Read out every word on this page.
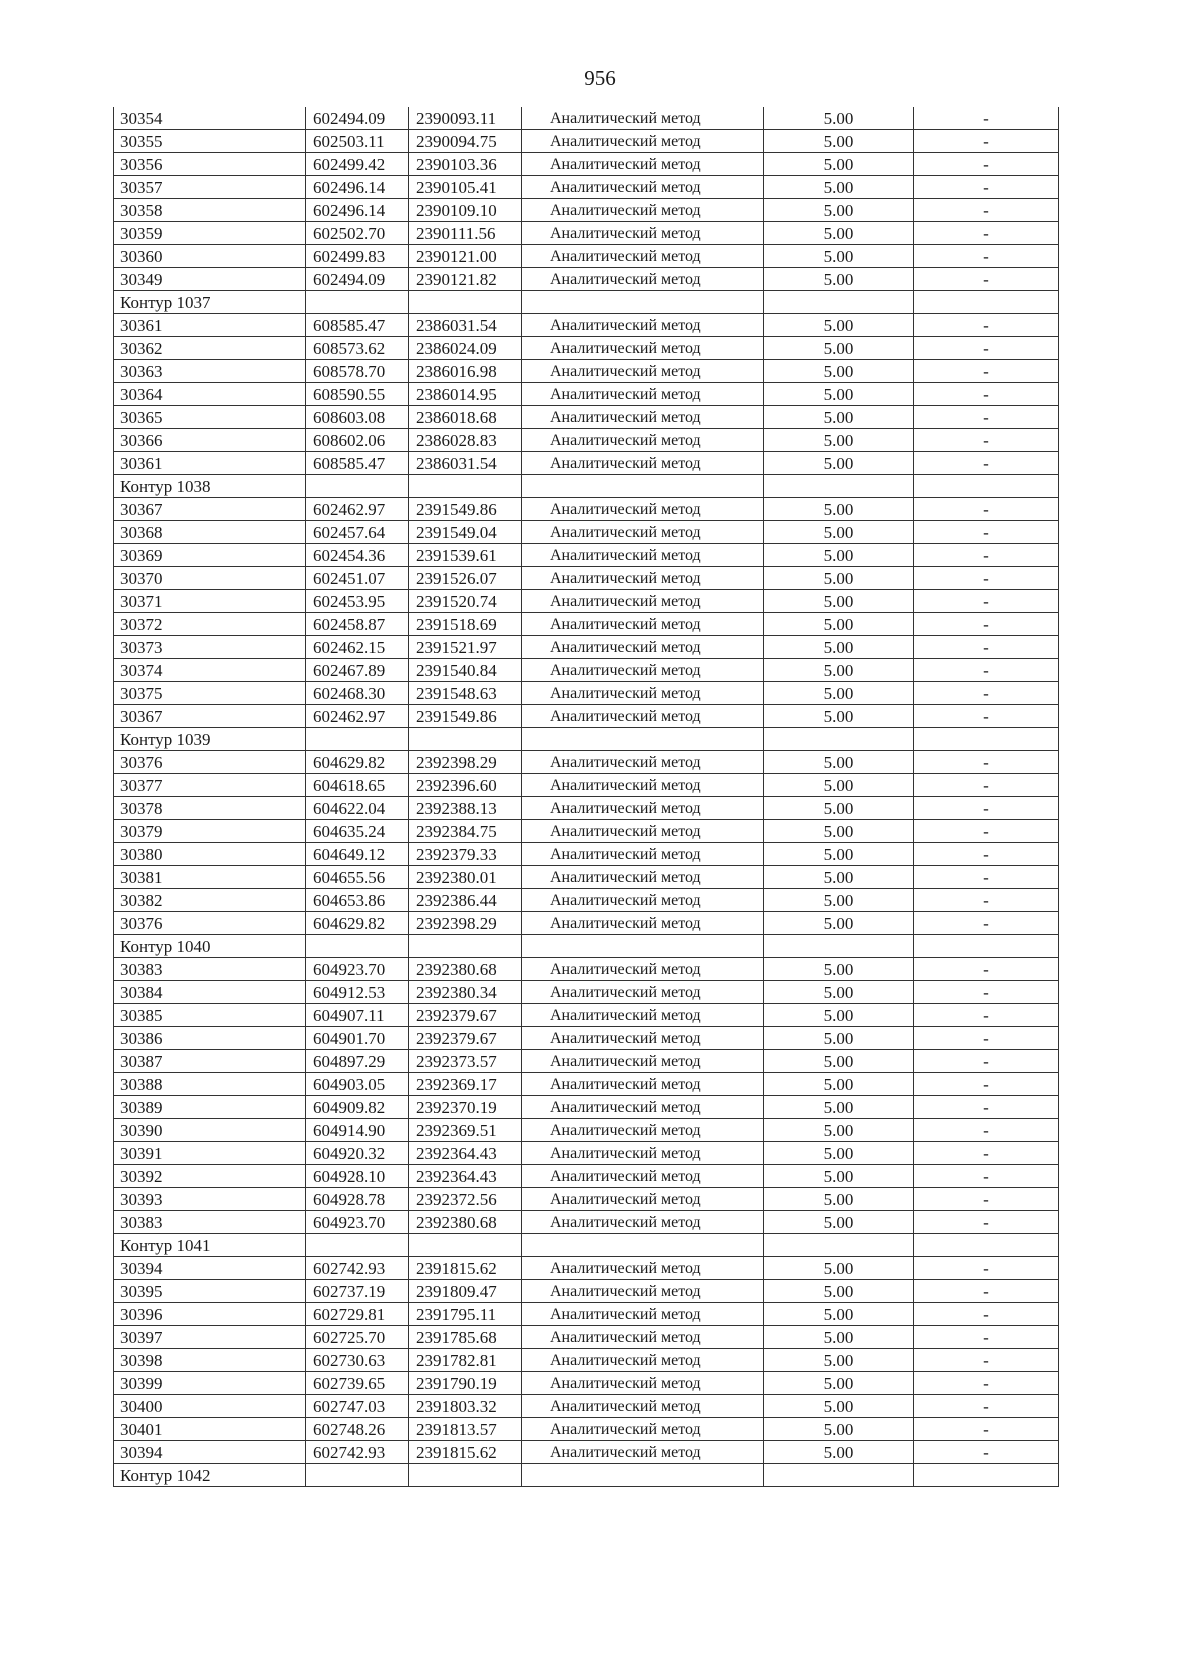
956
30354	602494.09	2390093.11	Аналитический метод	5.00	-
30355	602503.11	2390094.75	Аналитический метод	5.00	-
30356	602499.42	2390103.36	Аналитический метод	5.00	-
30357	602496.14	2390105.41	Аналитический метод	5.00	-
30358	602496.14	2390109.10	Аналитический метод	5.00	-
30359	602502.70	2390111.56	Аналитический метод	5.00	-
30360	602499.83	2390121.00	Аналитический метод	5.00	-
30349	602494.09	2390121.82	Аналитический метод	5.00	-
Контур 1037					
30361	608585.47	2386031.54	Аналитический метод	5.00	-
30362	608573.62	2386024.09	Аналитический метод	5.00	-
30363	608578.70	2386016.98	Аналитический метод	5.00	-
30364	608590.55	2386014.95	Аналитический метод	5.00	-
30365	608603.08	2386018.68	Аналитический метод	5.00	-
30366	608602.06	2386028.83	Аналитический метод	5.00	-
30361	608585.47	2386031.54	Аналитический метод	5.00	-
Контур 1038					
30367	602462.97	2391549.86	Аналитический метод	5.00	-
30368	602457.64	2391549.04	Аналитический метод	5.00	-
30369	602454.36	2391539.61	Аналитический метод	5.00	-
30370	602451.07	2391526.07	Аналитический метод	5.00	-
30371	602453.95	2391520.74	Аналитический метод	5.00	-
30372	602458.87	2391518.69	Аналитический метод	5.00	-
30373	602462.15	2391521.97	Аналитический метод	5.00	-
30374	602467.89	2391540.84	Аналитический метод	5.00	-
30375	602468.30	2391548.63	Аналитический метод	5.00	-
30367	602462.97	2391549.86	Аналитический метод	5.00	-
Контур 1039					
30376	604629.82	2392398.29	Аналитический метод	5.00	-
30377	604618.65	2392396.60	Аналитический метод	5.00	-
30378	604622.04	2392388.13	Аналитический метод	5.00	-
30379	604635.24	2392384.75	Аналитический метод	5.00	-
30380	604649.12	2392379.33	Аналитический метод	5.00	-
30381	604655.56	2392380.01	Аналитический метод	5.00	-
30382	604653.86	2392386.44	Аналитический метод	5.00	-
30376	604629.82	2392398.29	Аналитический метод	5.00	-
Контур 1040					
30383	604923.70	2392380.68	Аналитический метод	5.00	-
30384	604912.53	2392380.34	Аналитический метод	5.00	-
30385	604907.11	2392379.67	Аналитический метод	5.00	-
30386	604901.70	2392379.67	Аналитический метод	5.00	-
30387	604897.29	2392373.57	Аналитический метод	5.00	-
30388	604903.05	2392369.17	Аналитический метод	5.00	-
30389	604909.82	2392370.19	Аналитический метод	5.00	-
30390	604914.90	2392369.51	Аналитический метод	5.00	-
30391	604920.32	2392364.43	Аналитический метод	5.00	-
30392	604928.10	2392364.43	Аналитический метод	5.00	-
30393	604928.78	2392372.56	Аналитический метод	5.00	-
30383	604923.70	2392380.68	Аналитический метод	5.00	-
Контур 1041					
30394	602742.93	2391815.62	Аналитический метод	5.00	-
30395	602737.19	2391809.47	Аналитический метод	5.00	-
30396	602729.81	2391795.11	Аналитический метод	5.00	-
30397	602725.70	2391785.68	Аналитический метод	5.00	-
30398	602730.63	2391782.81	Аналитический метод	5.00	-
30399	602739.65	2391790.19	Аналитический метод	5.00	-
30400	602747.03	2391803.32	Аналитический метод	5.00	-
30401	602748.26	2391813.57	Аналитический метод	5.00	-
30394	602742.93	2391815.62	Аналитический метод	5.00	-
Контур 1042					
